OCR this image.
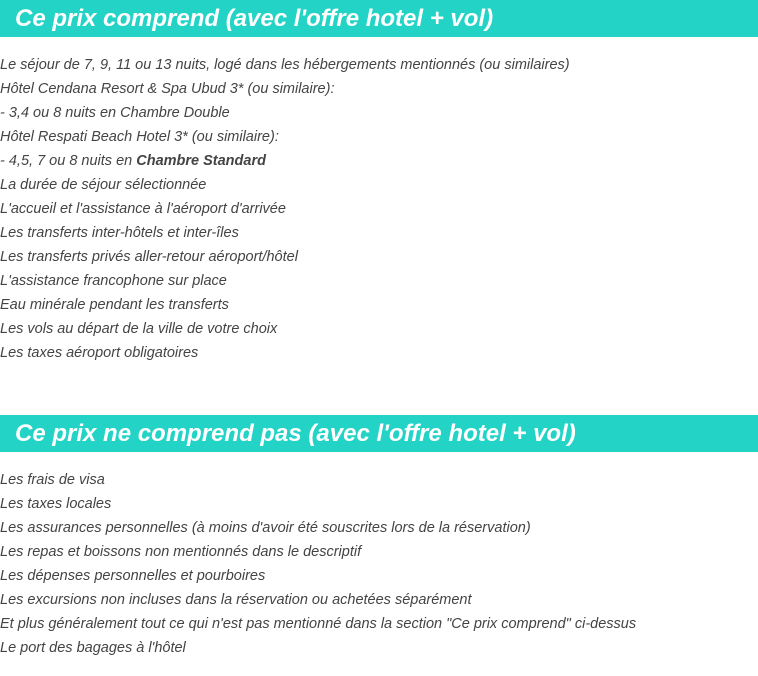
Ce prix comprend (avec l'offre hotel + vol)
Le séjour de 7, 9, 11 ou 13 nuits, logé dans les hébergements mentionnés (ou similaires)
Hôtel Cendana Resort & Spa Ubud 3* (ou similaire):
- 3,4 ou 8 nuits en Chambre Double
Hôtel Respati Beach Hotel 3* (ou similaire):
- 4,5, 7 ou 8 nuits en Chambre Standard
La durée de séjour sélectionnée
L'accueil et l'assistance à l'aéroport d'arrivée
Les transferts inter-hôtels et inter-îles
Les transferts privés aller-retour aéroport/hôtel
L'assistance francophone sur place
Eau minérale pendant les transferts
Les vols au départ de la ville de votre choix
Les taxes aéroport obligatoires
Ce prix ne comprend pas (avec l'offre hotel + vol)
Les frais de visa
Les taxes locales
Les assurances personnelles (à moins d'avoir été souscrites lors de la réservation)
Les repas et boissons non mentionnés dans le descriptif
Les dépenses personnelles et pourboires
Les excursions non incluses dans la réservation ou achetées séparément
Et plus généralement tout ce qui n'est pas mentionné dans la section "Ce prix comprend" ci-dessus
Le port des bagages à l'hôtel
